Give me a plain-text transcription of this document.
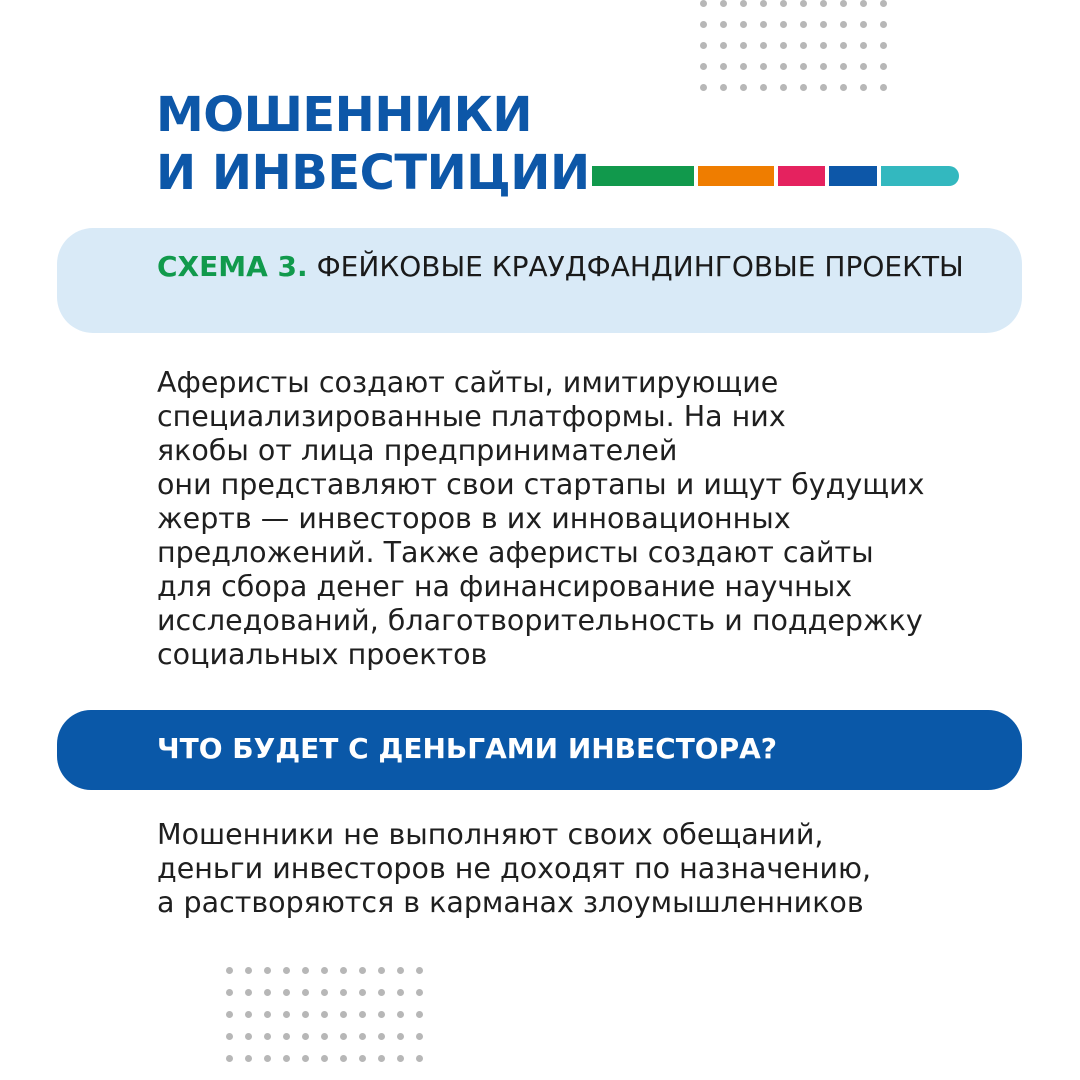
МОШЕННИКИ
И ИНВЕСТИЦИИ

СХЕМА 3. ФЕЙКОВЫЕ КРАУДФАНДИНГОВЫЕ ПРОЕКТЫ

Аферисты создают сайты, имитирующие
специализированные платформы. На них
якобы от лица предпринимателей
они представляют свои стартапы и ищут будущих
жертв — инвесторов в их инновационных
предложений. Также аферисты создают сайты
для сбора денег на финансирование научных
исследований, благотворительность и поддержку
социальных проектов

ЧТО БУДЕТ С ДЕНЬГАМИ ИНВЕСТОРА?

Мошенники не выполняют своих обещаний,
деньги инвесторов не доходят по назначению,
а растворяются в карманах злоумышленников
